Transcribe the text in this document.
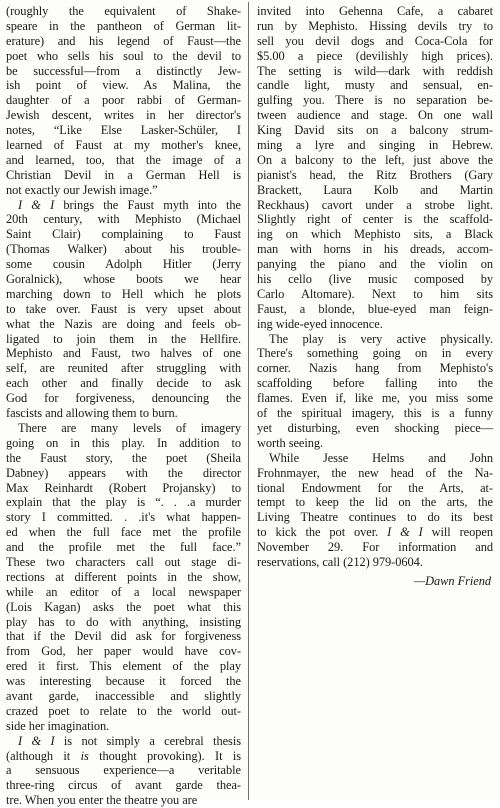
(roughly the equivalent of Shake-
speare in the pantheon of German lit-
erature) and his legend of Faust—the
poet who sells his soul to the devil to
be successful—from a distinctly Jew-
ish point of view. As Malina, the
daughter of a poor rabbi of German-
Jewish descent, writes in her director's
notes, “Like Else Lasker-Schüler, I
learned of Faust at my mother's knee,
and learned, too, that the image of a
Christian Devil in a German Hell is
not exactly our Jewish image.”
I & I brings the Faust myth into the
20th century, with Mephisto (Michael
Saint Clair) complaining to Faust
(Thomas Walker) about his trouble-
some cousin Adolph Hitler (Jerry
Goralnick), whose boots we hear
marching down to Hell which he plots
to take over. Faust is very upset about
what the Nazis are doing and feels ob-
ligated to join them in the Hellfire.
Mephisto and Faust, two halves of one
self, are reunited after struggling with
each other and finally decide to ask
God for forgiveness, denouncing the
fascists and allowing them to burn.
There are many levels of imagery
going on in this play. In addition to
the Faust story, the poet (Sheila
Dabney) appears with the director
Max Reinhardt (Robert Projansky) to
explain that the play is “. . .a murder
story I committed. . .it's what happen-
ed when the full face met the profile
and the profile met the full face.”
These two characters call out stage di-
rections at different points in the show,
while an editor of a local newspaper
(Lois Kagan) asks the poet what this
play has to do with anything, insisting
that if the Devil did ask for forgiveness
from God, her paper would have cov-
ered it first. This element of the play
was interesting because it forced the
avant garde, inaccessible and slightly
crazed poet to relate to the world out-
side her imagination.
I & I is not simply a cerebral thesis
(although it is thought provoking). It is
a sensuous experience—a veritable
three-ring circus of avant garde thea-
tre. When you enter the theatre you are
invited into Gehenna Cafe, a cabaret
run by Mephisto. Hissing devils try to
sell you devil dogs and Coca-Cola for
$5.00 a piece (devilishly high prices).
The setting is wild—dark with reddish
candle light, musty and sensual, en-
gulfing you. There is no separation be-
tween audience and stage. On one wall
King David sits on a balcony strum-
ming a lyre and singing in Hebrew.
On a balcony to the left, just above the
pianist's head, the Ritz Brothers (Gary
Brackett, Laura Kolb and Martin
Reckhaus) cavort under a strobe light.
Slightly right of center is the scaffold-
ing on which Mephisto sits, a Black
man with horns in his dreads, accom-
panying the piano and the violin on
his cello (live music composed by
Carlo Altomare). Next to him sits
Faust, a blonde, blue-eyed man feign-
ing wide-eyed innocence.
The play is very active physically.
There's something going on in every
corner. Nazis hang from Mephisto's
scaffolding before falling into the
flames. Even if, like me, you miss some
of the spiritual imagery, this is a funny
yet disturbing, even shocking piece—
worth seeing.
While Jesse Helms and John
Frohnmayer, the new head of the Na-
tional Endowment for the Arts, at-
tempt to keep the lid on the arts, the
Living Theatre continues to do its best
to kick the pot over. I & I will reopen
November 29. For information and
reservations, call (212) 979-0604.
—Dawn Friend
